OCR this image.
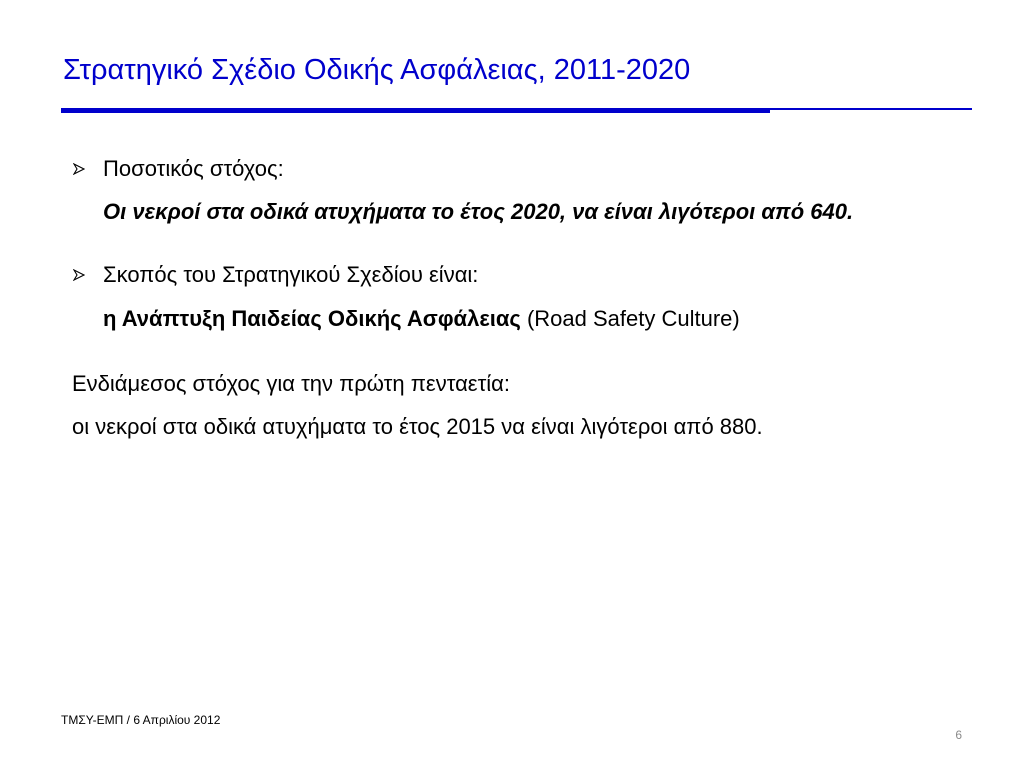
Στρατηγικό Σχέδιο Οδικής Ασφάλειας, 2011-2020
Ποσοτικός στόχος:
Οι νεκροί στα οδικά ατυχήματα το έτος 2020, να είναι λιγότεροι από 640.
Σκοπός του Στρατηγικού Σχεδίου είναι:
η Ανάπτυξη Παιδείας Οδικής Ασφάλειας (Road Safety Culture)
Ενδιάμεσος στόχος για την πρώτη πενταετία:
οι νεκροί στα οδικά ατυχήματα το έτος 2015 να είναι λιγότεροι από 880.
ΤΜΣΥ-ΕΜΠ / 6 Απριλίου 2012
6
